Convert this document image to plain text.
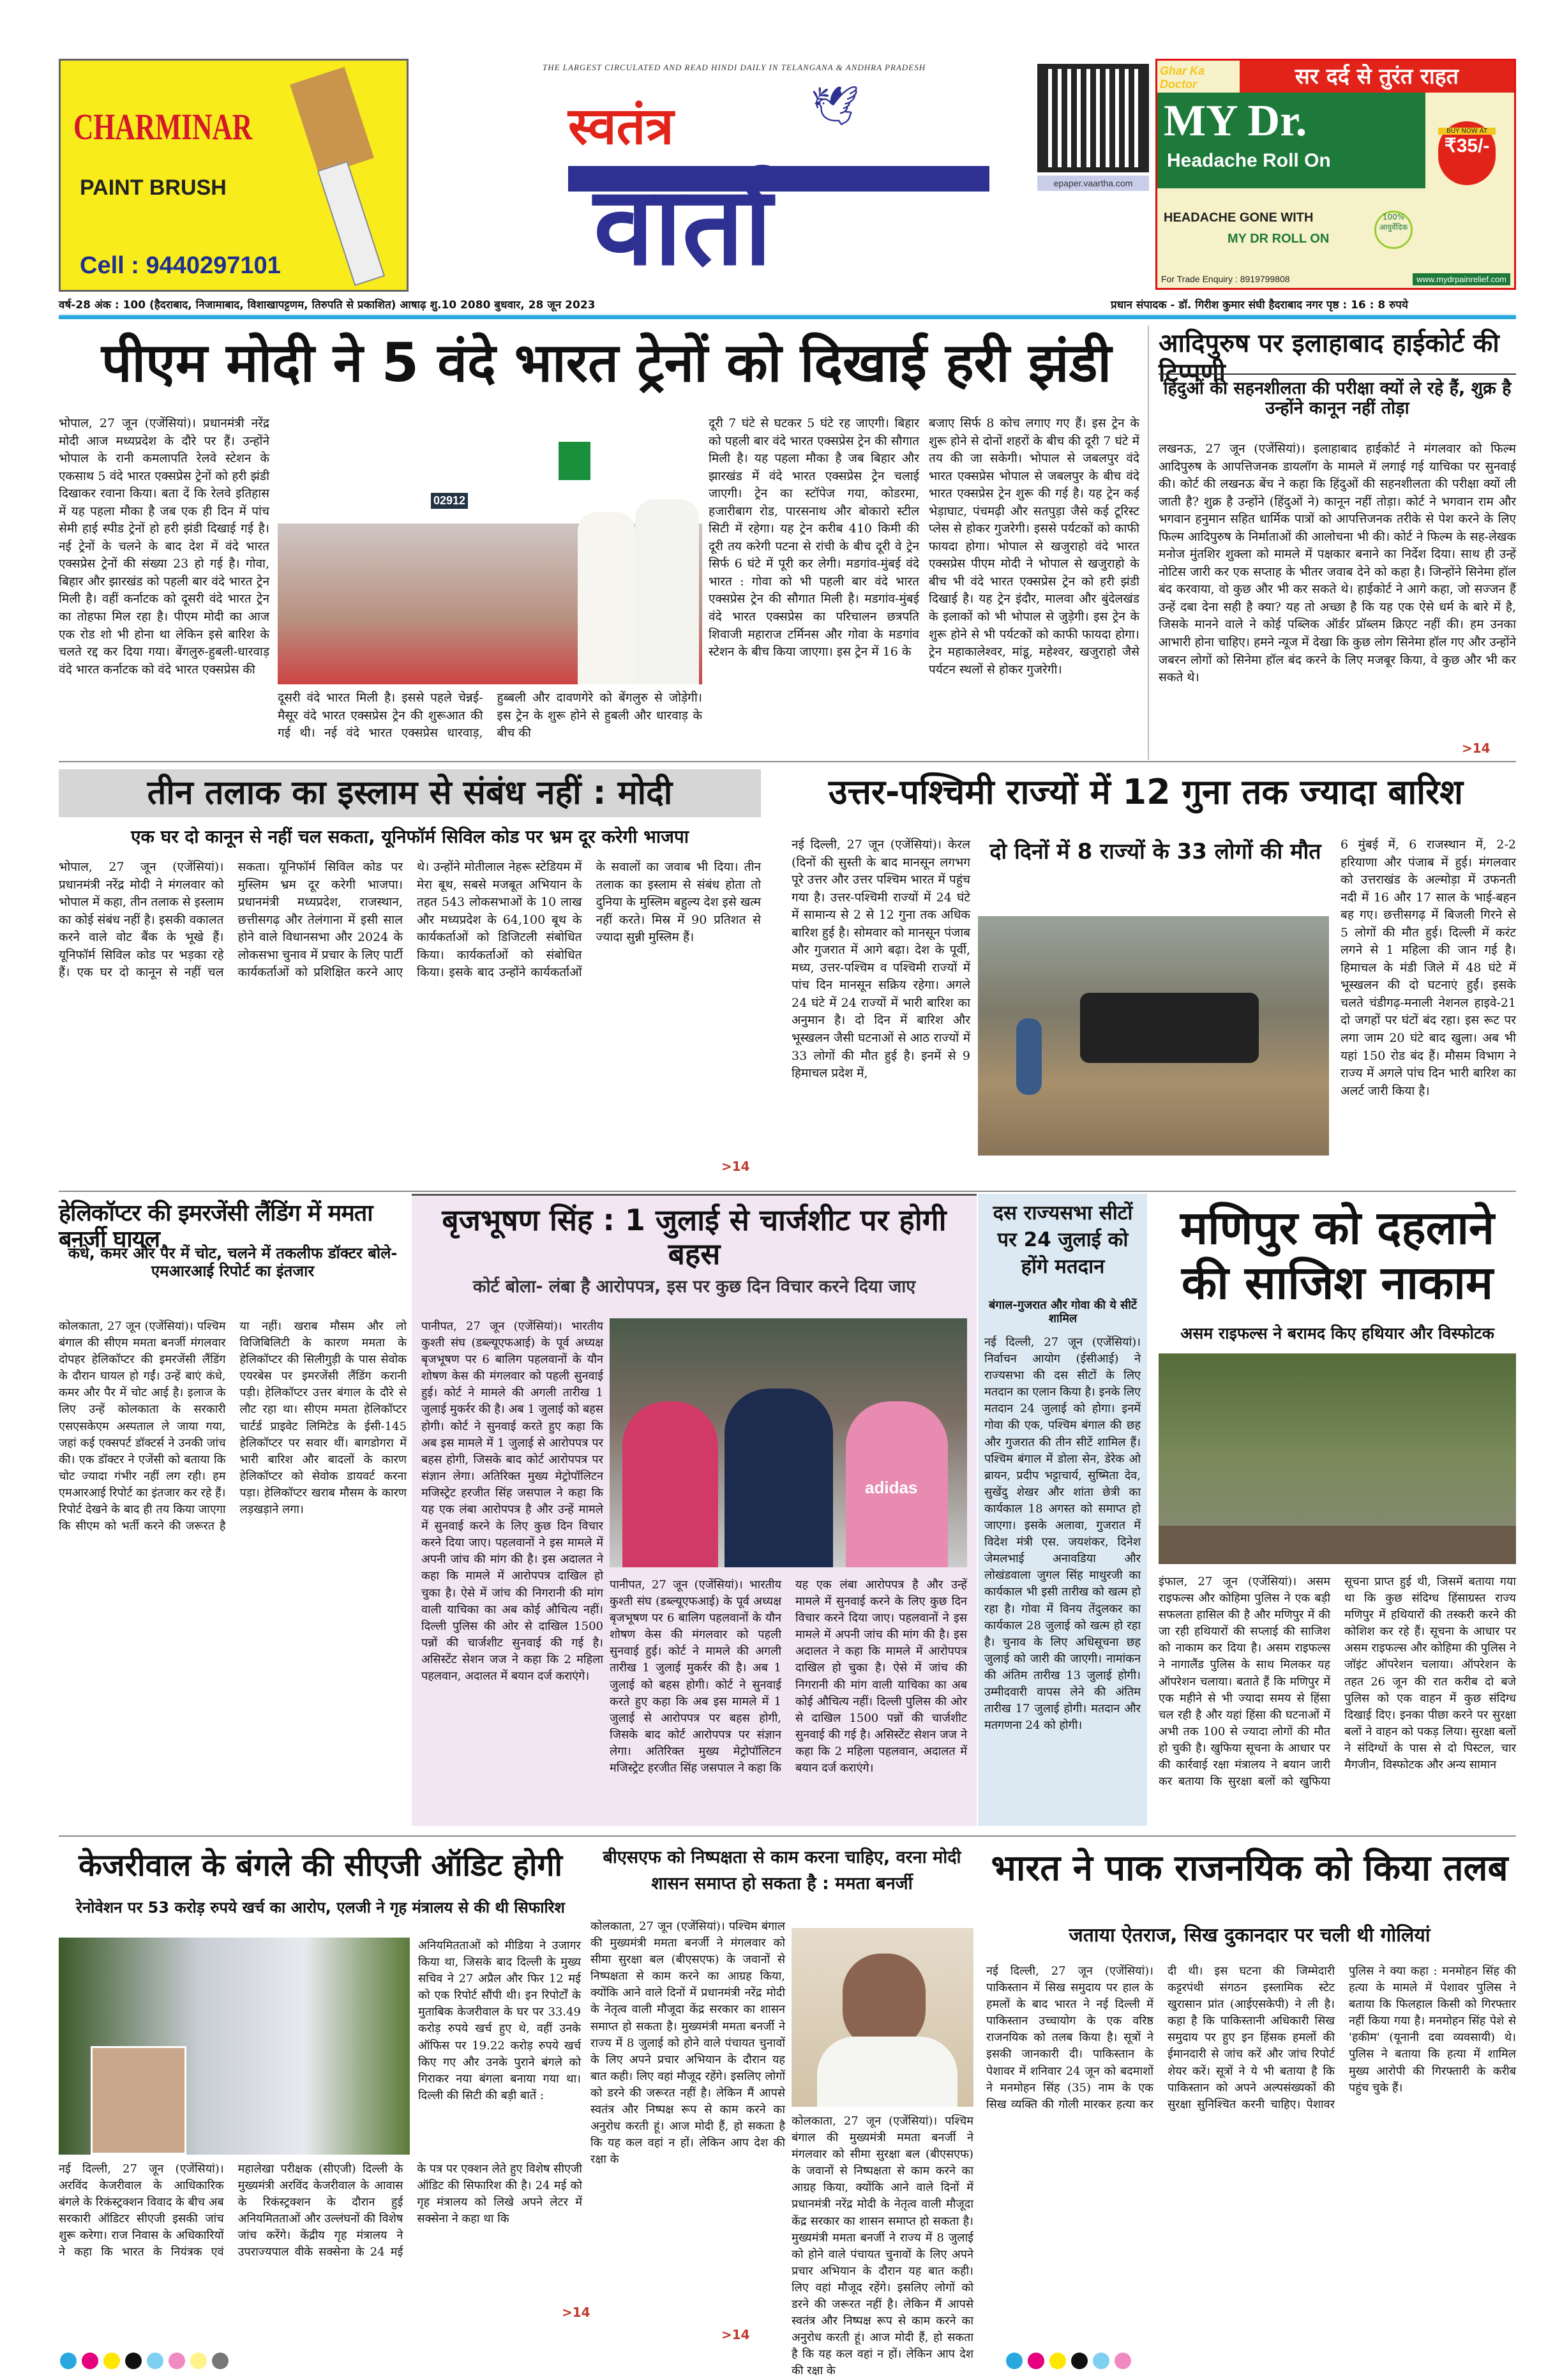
CHARMINAR
PAINT BRUSH
Cell : 9440297101
THE LARGEST CIRCULATED AND READ HINDI DAILY IN TELANGANA & ANDHRA PRADESH
स्वतंत्र	🕊
वार्ता	epaper.vaartha.com
सर दर्द से तुरंत राहत
Ghar Ka Doctor
MY Dr.
Headache Roll On
BUY NOW AT
₹35/-
HEADACHE GONE WITH
MY DR ROLL ON
100% आयुर्वेदिक
For Trade Enquiry : 8919799808	www.mydrpainrelief.com
वर्ष-28 अंक : 100 (हैदराबाद, निजामाबाद, विशाखापट्टणम, तिरुपति से प्रकाशित) आषाढ़ शु.10 2080 बुधवार, 28 जून 2023	प्रधान संपादक - डॉ. गिरीश कुमार संघी हैदराबाद नगर पृष्ठ : 16 : 8 रुपये
पीएम मोदी ने 5 वंदे भारत ट्रेनों को दिखाई हरी झंडी
भोपाल, 27 जून (एजेंसियां)। प्रधानमंत्री नरेंद्र मोदी आज मध्यप्रदेश के दौरे पर हैं। उन्होंने भोपाल के रानी कमलापति रेलवे स्टेशन के एकसाथ 5 वंदे भारत एक्सप्रेस ट्रेनों को हरी झंडी दिखाकर रवाना किया। बता दें कि रेलवे इतिहास में यह पहला मौका है जब एक ही दिन में पांच सेमी हाई स्पीड ट्रेनों हो हरी झंडी दिखाई गई है। नई ट्रेनों के चलने के बाद देश में वंदे भारत एक्सप्रेस ट्रेनों की संख्या 23 हो गई है। गोवा, बिहार और झारखंड को पहली बार वंदे भारत ट्रेन मिली है। वहीं कर्नाटक को दूसरी वंदे भारत ट्रेन का तोहफा मिल रहा है। पीएम मोदी का आज एक रोड शो भी होना था लेकिन इसे बारिश के चलते रद्द कर दिया गया। बेंगलुरु-हुबली-धारवाड़ वंदे भारत कर्नाटक को वंदे भारत एक्सप्रेस की
02912
दूसरी वंदे भारत मिली है। इससे पहले चेन्नई-मैसूर वंदे भारत एक्सप्रेस ट्रेन की शुरूआत की गई थी। नई वंदे भारत एक्सप्रेस धारवाड़, हुब्बली और दावणगेरे को बेंगलुरु से जोड़ेगी। इस ट्रेन के शुरू होने से हुबली और धारवाड़ के बीच की
दूरी 7 घंटे से घटकर 5 घंटे रह जाएगी। बिहार को पहली बार वंदे भारत एक्सप्रेस ट्रेन की सौगात मिली है। यह पहला मौका है जब बिहार और झारखंड में वंदे भारत एक्सप्रेस ट्रेन चलाई जाएगी। ट्रेन का स्टॉपेज गया, कोडरमा, हजारीबाग रोड, पारसनाथ और बोकारो स्टील सिटी में रहेगा। यह ट्रेन करीब 410 किमी की दूरी तय करेगी पटना से रांची के बीच दूरी वे ट्रेन सिर्फ 6 घंटे में पूरी कर लेगी। मडगांव-मुंबई वंदे भारत : गोवा को भी पहली बार वंदे भारत एक्सप्रेस ट्रेन की सौगात मिली है। मडगांव-मुंबई वंदे भारत एक्सप्रेस का परिचालन छत्रपति शिवाजी महाराज टर्मिनस और गोवा के मडगांव स्टेशन के बीच किया जाएगा। इस ट्रेन में 16 के
बजाए सिर्फ 8 कोच लगाए गए हैं। इस ट्रेन के शुरू होने से दोनों शहरों के बीच की दूरी 7 घंटे में तय की जा सकेगी। भोपाल से जबलपुर वंदे भारत एक्सप्रेस भोपाल से जबलपुर के बीच वंदे भारत एक्सप्रेस ट्रेन शुरू की गई है। यह ट्रेन कई भेड़ाघाट, पंचमढ़ी और सतपुड़ा जैसे कई टूरिस्ट प्लेस से होकर गुजरेगी। इससे पर्यटकों को काफी फायदा होगा। भोपाल से खजुराहो वंदे भारत एक्सप्रेस पीएम मोदी ने भोपाल से खजुराहो के बीच भी वंदे भारत एक्सप्रेस ट्रेन को हरी झंडी दिखाई है। यह ट्रेन इंदौर, मालवा और बुंदेलखंड के इलाकों को भी भोपाल से जुड़ेगी। इस ट्रेन के शुरू होने से भी पर्यटकों को काफी फायदा होगा। ट्रेन महाकालेश्वर, मांडू, महेश्वर, खजुराहो जैसे पर्यटन स्थलों से होकर गुजरेगी।
आदिपुरुष पर इलाहाबाद हाईकोर्ट की टिप्पणी
हिंदुओं की सहनशीलता की परीक्षा क्यों ले रहे हैं, शुक्र है उन्होंने कानून नहीं तोड़ा
लखनऊ, 27 जून (एजेंसियां)। इलाहाबाद हाईकोर्ट ने मंगलवार को फिल्म आदिपुरुष के आपत्तिजनक डायलॉग के मामले में लगाई गई याचिका पर सुनवाई की। कोर्ट की लखनऊ बेंच ने कहा कि हिंदुओं की सहनशीलता की परीक्षा क्यों ली जाती है? शुक्र है उन्होंने (हिंदुओं ने) कानून नहीं तोड़ा। कोर्ट ने भगवान राम और भगवान हनुमान सहित धार्मिक पात्रों को आपत्तिजनक तरीके से पेश करने के लिए फिल्म आदिपुरुष के निर्माताओं की आलोचना भी की। कोर्ट ने फिल्म के सह-लेखक मनोज मुंतशिर शुक्ला को मामले में पक्षकार बनाने का निर्देश दिया। साथ ही उन्हें नोटिस जारी कर एक सप्ताह के भीतर जवाब देने को कहा है। जिन्होंने सिनेमा हॉल बंद करवाया, वो कुछ और भी कर सकते थे। हाईकोर्ट ने आगे कहा, जो सज्जन हैं उन्हें दबा देना सही है क्या? यह तो अच्छा है कि यह एक ऐसे धर्म के बारे में है, जिसके मानने वाले ने कोई पब्लिक ऑर्डर प्रॉब्लम क्रिएट नहीं की। हम उनका आभारी होना चाहिए। हमने न्यूज में देखा कि कुछ लोग सिनेमा हॉल गए और उन्होंने जबरन लोगों को सिनेमा हॉल बंद करने के लिए मजबूर किया, वे कुछ और भी कर सकते थे।
>14
तीन तलाक का इस्लाम से संबंध नहीं : मोदी
एक घर दो कानून से नहीं चल सकता, यूनिफॉर्म सिविल कोड पर भ्रम दूर करेगी भाजपा
भोपाल, 27 जून (एजेंसियां)। प्रधानमंत्री नरेंद्र मोदी ने मंगलवार को भोपाल में कहा, तीन तलाक से इस्लाम का कोई संबंध नहीं है। इसकी वकालत करने वाले वोट बैंक के भूखे हैं। यूनिफॉर्म सिविल कोड पर भड़का रहे हैं। एक घर दो कानून से नहीं चल सकता। यूनिफॉर्म सिविल कोड पर मुस्लिम भ्रम दूर करेगी भाजपा। प्रधानमंत्री मध्यप्रदेश, राजस्थान, छत्तीसगढ़ और तेलंगाना में इसी साल होने वाले विधानसभा और 2024 के लोकसभा चुनाव में प्रचार के लिए पार्टी कार्यकर्ताओं को प्रशिक्षित करने आए थे। उन्होंने मोतीलाल नेहरू स्टेडियम में मेरा बूथ, सबसे मजबूत अभियान के तहत 543 लोकसभाओं के 10 लाख और मध्यप्रदेश के 64,100 बूथ के कार्यकर्ताओं को डिजिटली संबोधित किया। कार्यकर्ताओं को संबोधित किया। इसके बाद उन्होंने कार्यकर्ताओं के सवालों का जवाब भी दिया। तीन तलाक का इस्लाम से संबंध होता तो दुनिया के मुस्लिम बहुल्य देश इसे खत्म नहीं करते। मिस्र में 90 प्रतिशत से ज्यादा सुन्नी मुस्लिम हैं।
>14
उत्तर-पश्चिमी राज्यों में 12 गुना तक ज्यादा बारिश
नई दिल्ली, 27 जून (एजेंसियां)। केरल (दिनों की सुस्ती के बाद मानसून लगभग पूरे उत्तर और उत्तर पश्चिम भारत में पहुंच गया है। उत्तर-पश्चिमी राज्यों में 24 घंटे में सामान्य से 2 से 12 गुना तक अधिक बारिश हुई है। सोमवार को मानसून पंजाब और गुजरात में आगे बढ़ा। देश के पूर्वी, मध्य, उत्तर-पश्चिम व पश्चिमी राज्यों में पांच दिन मानसून सक्रिय रहेगा। अगले 24 घंटे में 24 राज्यों में भारी बारिश का अनुमान है। दो दिन में बारिश और भूस्खलन जैसी घटनाओं से आठ राज्यों में 33 लोगों की मौत हुई है। इनमें से 9 हिमाचल प्रदेश में,
दो दिनों में 8 राज्यों के 33 लोगों की मौत	6 मुंबई में, 6 राजस्थान में, 2-2 हरियाणा और पंजाब में हुई। मंगलवार को उत्तराखंड के अल्मोड़ा में उफनती नदी में 16 और 17 साल के भाई-बहन बह गए। छत्तीसगढ़ में बिजली गिरने से 5 लोगों की मौत हुई। दिल्ली में करंट लगने से 1 महिला की जान गई है। हिमाचल के मंडी जिले में 48 घंटे में भूस्खलन की दो घटनाएं हुईं। इसके चलते चंडीगढ़-मनाली नेशनल हाइवे-21 दो जगहों पर घंटों बंद रहा। इस रूट पर लगा जाम 20 घंटे बाद खुला। अब भी यहां 150 रोड बंद हैं। मौसम विभाग ने राज्य में अगले पांच दिन भारी बारिश का अलर्ट जारी किया है।
हेलिकॉप्टर की इमरजेंसी लैंडिंग में ममता बनर्जी घायल
कंधे, कमर और पैर में चोट, चलने में तकलीफ डॉक्टर बोले- एमआरआई रिपोर्ट का इंतजार
कोलकाता, 27 जून (एजेंसियां)। पश्चिम बंगाल की सीएम ममता बनर्जी मंगलवार दोपहर हेलिकॉप्टर की इमरजेंसी लैंडिंग के दौरान घायल हो गईं। उन्हें बाएं कंधे, कमर और पैर में चोट आई है। इलाज के लिए उन्हें कोलकाता के सरकारी एसएसकेएम अस्पताल ले जाया गया, जहां कई एक्सपर्ट डॉक्टर्स ने उनकी जांच की। एक डॉक्टर ने एजेंसी को बताया कि चोट ज्यादा गंभीर नहीं लग रही। हम एमआरआई रिपोर्ट का इंतजार कर रहे हैं। रिपोर्ट देखने के बाद ही तय किया जाएगा कि सीएम को भर्ती करने की जरूरत है या नहीं। खराब मौसम और लो विजिबिलिटी के कारण ममता के हेलिकॉप्टर की सिलीगुड़ी के पास सेवोक एयरबेस पर इमरजेंसी लैंडिंग करानी पड़ी। हेलिकॉप्टर उत्तर बंगाल के दौरे से लौट रहा था। सीएम ममता हेलिकॉप्टर चार्टर्ड प्राइवेट लिमिटेड के ईसी-145 हेलिकॉप्टर पर सवार थीं। बागडोगरा में भारी बारिश और बादलों के कारण हेलिकॉप्टर को सेवोक डायवर्ट करना पड़ा। हेलिकॉप्टर खराब मौसम के कारण लड़खड़ाने लगा।
बृजभूषण सिंह : 1 जुलाई से चार्जशीट पर होगी बहस
कोर्ट बोला- लंबा है आरोपपत्र, इस पर कुछ दिन विचार करने दिया जाए
adidas
पानीपत, 27 जून (एजेंसियां)। भारतीय कुश्ती संघ (डब्ल्यूएफआई) के पूर्व अध्यक्ष बृजभूषण पर 6 बालिग पहलवानों के यौन शोषण केस की मंगलवार को पहली सुनवाई हुई। कोर्ट ने मामले की अगली तारीख 1 जुलाई मुकर्रर की है। अब 1 जुलाई को बहस होगी। कोर्ट ने सुनवाई करते हुए कहा कि अब इस मामले में 1 जुलाई से आरोपपत्र पर बहस होगी, जिसके बाद कोर्ट आरोपपत्र पर संज्ञान लेगा। अतिरिक्त मुख्य मेट्रोपॉलिटन मजिस्ट्रेट हरजीत सिंह जसपाल ने कहा कि यह एक लंबा आरोपपत्र है और उन्हें मामले में सुनवाई करने के लिए कुछ दिन विचार करने दिया जाए। पहलवानों ने इस मामले में अपनी जांच की मांग की है। इस अदालत ने कहा कि मामले में आरोपपत्र दाखिल हो चुका है। ऐसे में जांच की निगरानी की मांग वाली याचिका का अब कोई औचित्य नहीं। दिल्ली पुलिस की ओर से दाखिल 1500 पन्नों की चार्जशीट सुनवाई की गई है। असिस्टेंट सेशन जज ने कहा कि 2 महिला पहलवान, अदालत में बयान दर्ज कराएंगे।
पानीपत, 27 जून (एजेंसियां)। भारतीय कुश्ती संघ (डब्ल्यूएफआई) के पूर्व अध्यक्ष बृजभूषण पर 6 बालिग पहलवानों के यौन शोषण केस की मंगलवार को पहली सुनवाई हुई। कोर्ट ने मामले की अगली तारीख 1 जुलाई मुकर्रर की है। अब 1 जुलाई को बहस होगी। कोर्ट ने सुनवाई करते हुए कहा कि अब इस मामले में 1 जुलाई से आरोपपत्र पर बहस होगी, जिसके बाद कोर्ट आरोपपत्र पर संज्ञान लेगा। अतिरिक्त मुख्य मेट्रोपॉलिटन मजिस्ट्रेट हरजीत सिंह जसपाल ने कहा कि यह एक लंबा आरोपपत्र है और उन्हें मामले में सुनवाई करने के लिए कुछ दिन विचार करने दिया जाए। पहलवानों ने इस मामले में अपनी जांच की मांग की है। इस अदालत ने कहा कि मामले में आरोपपत्र दाखिल हो चुका है। ऐसे में जांच की निगरानी की मांग वाली याचिका का अब कोई औचित्य नहीं। दिल्ली पुलिस की ओर से दाखिल 1500 पन्नों की चार्जशीट सुनवाई की गई है। असिस्टेंट सेशन जज ने कहा कि 2 महिला पहलवान, अदालत में बयान दर्ज कराएंगे।
दस राज्यसभा सीटों पर 24 जुलाई को होंगे मतदान
बंगाल-गुजरात और गोवा की ये सीटें शामिल
नई दिल्ली, 27 जून (एजेंसियां)। निर्वाचन आयोग (ईसीआई) ने राज्यसभा की दस सीटों के लिए मतदान का एलान किया है। इनके लिए मतदान 24 जुलाई को होगा। इनमें गोवा की एक, पश्चिम बंगाल की छह और गुजरात की तीन सीटें शामिल हैं। पश्चिम बंगाल में डोला सेन, डेरेक ओ ब्रायन, प्रदीप भट्टाचार्य, सुष्मिता देव, सुखेंदु शेखर और शांता छेत्री का कार्यकाल 18 अगस्त को समाप्त हो जाएगा। इसके अलावा, गुजरात में विदेश मंत्री एस. जयशंकर, दिनेश जेमलभाई अनावडिया और लोखंडवाला जुगल सिंह माथुरजी का कार्यकाल भी इसी तारीख को खत्म हो रहा है। गोवा में विनय तेंदुलकर का कार्यकाल 28 जुलाई को खत्म हो रहा है। चुनाव के लिए अधिसूचना छह जुलाई को जारी की जाएगी। नामांकन की अंतिम तारीख 13 जुलाई होगी। उम्मीदवारी वापस लेने की अंतिम तारीख 17 जुलाई होगी। मतदान और मतगणना 24 को होगी।
मणिपुर को दहलाने की साजिश नाकाम
असम राइफल्स ने बरामद किए हथियार और विस्फोटक
इंफाल, 27 जून (एजेंसियां)। असम राइफल्स और कोहिमा पुलिस ने एक बड़ी सफलता हासिल की है और मणिपुर में की जा रही हथियारों की सप्लाई की साजिश को नाकाम कर दिया है। असम राइफल्स ने नागालैंड पुलिस के साथ मिलकर यह ऑपरेशन चलाया। बताते हैं कि मणिपुर में एक महीने से भी ज्यादा समय से हिंसा चल रही है और यहां हिंसा की घटनाओं में अभी तक 100 से ज्यादा लोगों की मौत हो चुकी है। खुफिया सूचना के आधार पर की कार्रवाई रक्षा मंत्रालय ने बयान जारी कर बताया कि सुरक्षा बलों को खुफिया सूचना प्राप्त हुई थी, जिसमें बताया गया था कि कुछ संदिग्ध हिंसाग्रस्त राज्य मणिपुर में हथियारों की तस्करी करने की कोशिश कर रहे हैं। सूचना के आधार पर असम राइफल्स और कोहिमा की पुलिस ने जॉइंट ऑपरेशन चलाया। ऑपरेशन के तहत 26 जून की रात करीब दो बजे पुलिस को एक वाहन में कुछ संदिग्ध दिखाई दिए। इनका पीछा करने पर सुरक्षा बलों ने वाहन को पकड़ लिया। सुरक्षा बलों ने संदिग्धों के पास से दो पिस्टल, चार मैगजीन, विस्फोटक और अन्य सामान
केजरीवाल के बंगले की सीएजी ऑडिट होगी
रेनोवेशन पर 53 करोड़ रुपये खर्च का आरोप, एलजी ने गृह मंत्रालय से की थी सिफारिश
अनियमितताओं को मीडिया ने उजागर किया था, जिसके बाद दिल्ली के मुख्य सचिव ने 27 अप्रैल और फिर 12 मई को एक रिपोर्ट सौंपी थी। इन रिपोर्टों के मुताबिक केजरीवाल के घर पर 33.49 करोड़ रुपये खर्च हुए थे, वहीं उनके ऑफिस पर 19.22 करोड़ रुपये खर्च किए गए और उनके पुराने बंगले को गिराकर नया बंगला बनाया गया था। दिल्ली की सिटी की बड़ी बातें :
नई दिल्ली, 27 जून (एजेंसियां)। अरविंद केजरीवाल के आधिकारिक बंगले के रिकंस्ट्रक्शन विवाद के बीच अब सरकारी ऑडिटर सीएजी इसकी जांच शुरू करेगा। राज निवास के अधिकारियों ने कहा कि भारत के नियंत्रक एवं महालेखा परीक्षक (सीएजी) दिल्ली के मुख्यमंत्री अरविंद केजरीवाल के आवास के रिकंस्ट्रक्शन के दौरान हुई अनियमितताओं और उल्लंघनों की विशेष जांच करेंगे। केंद्रीय गृह मंत्रालय ने उपराज्यपाल वीके सक्सेना के 24 मई के पत्र पर एक्शन लेते हुए विशेष सीएजी ऑडिट की सिफारिश की है। 24 मई को गृह मंत्रालय को लिखे अपने लेटर में सक्सेना ने कहा था कि
>14
बीएसएफ को निष्पक्षता से काम करना चाहिए, वरना मोदी शासन समाप्त हो सकता है : ममता बनर्जी
कोलकाता, 27 जून (एजेंसियां)। पश्चिम बंगाल की मुख्यमंत्री ममता बनर्जी ने मंगलवार को सीमा सुरक्षा बल (बीएसएफ) के जवानों से निष्पक्षता से काम करने का आग्रह किया, क्योंकि आने वाले दिनों में प्रधानमंत्री नरेंद्र मोदी के नेतृत्व वाली मौजूदा केंद्र सरकार का शासन समाप्त हो सकता है। मुख्यमंत्री ममता बनर्जी ने राज्य में 8 जुलाई को होने वाले पंचायत चुनावों के लिए अपने प्रचार अभियान के दौरान यह बात कही। लिए वहां मौजूद रहेंगे। इसलिए लोगों को डरने की जरूरत नहीं है। लेकिन मैं आपसे स्वतंत्र और निष्पक्ष रूप से काम करने का अनुरोध करती हूं। आज मोदी हैं, हो सकता है कि यह कल वहां न हों। लेकिन आप देश की रक्षा के
कोलकाता, 27 जून (एजेंसियां)। पश्चिम बंगाल की मुख्यमंत्री ममता बनर्जी ने मंगलवार को सीमा सुरक्षा बल (बीएसएफ) के जवानों से निष्पक्षता से काम करने का आग्रह किया, क्योंकि आने वाले दिनों में प्रधानमंत्री नरेंद्र मोदी के नेतृत्व वाली मौजूदा केंद्र सरकार का शासन समाप्त हो सकता है। मुख्यमंत्री ममता बनर्जी ने राज्य में 8 जुलाई को होने वाले पंचायत चुनावों के लिए अपने प्रचार अभियान के दौरान यह बात कही। लिए वहां मौजूद रहेंगे। इसलिए लोगों को डरने की जरूरत नहीं है। लेकिन मैं आपसे स्वतंत्र और निष्पक्ष रूप से काम करने का अनुरोध करती हूं। आज मोदी हैं, हो सकता है कि यह कल वहां न हों। लेकिन आप देश की रक्षा के
>14
भारत ने पाक राजनयिक को किया तलब
जताया ऐतराज, सिख दुकानदार पर चली थी गोलियां
नई दिल्ली, 27 जून (एजेंसियां)। पाकिस्तान में सिख समुदाय पर हाल के हमलों के बाद भारत ने नई दिल्ली में पाकिस्तान उच्चायोग के एक वरिष्ठ राजनयिक को तलब किया है। सूत्रों ने इसकी जानकारी दी। पाकिस्तान के पेशावर में शनिवार 24 जून को बदमाशों ने मनमोहन सिंह (35) नाम के एक सिख व्यक्ति की गोली मारकर हत्या कर दी थी। इस घटना की जिम्मेदारी कट्टरपंथी संगठन इस्लामिक स्टेट खुरासान प्रांत (आईएसकेपी) ने ली है। कहा है कि पाकिस्तानी अधिकारी सिख समुदाय पर हुए इन हिंसक हमलों की ईमानदारी से जांच करें और जांच रिपोर्ट शेयर करें। सूत्रों ने ये भी बताया है कि पाकिस्तान को अपने अल्पसंख्यकों की सुरक्षा सुनिश्चित करनी चाहिए। पेशावर पुलिस ने क्या कहा : मनमोहन सिंह की हत्या के मामले में पेशावर पुलिस ने बताया कि फिलहाल किसी को गिरफ्तार नहीं किया गया है। मनमोहन सिंह पेशे से 'हकीम' (यूनानी दवा व्यवसायी) थे। पुलिस ने बताया कि हत्या में शामिल मुख्य आरोपी की गिरफ्तारी के करीब पहुंच चुके हैं।
